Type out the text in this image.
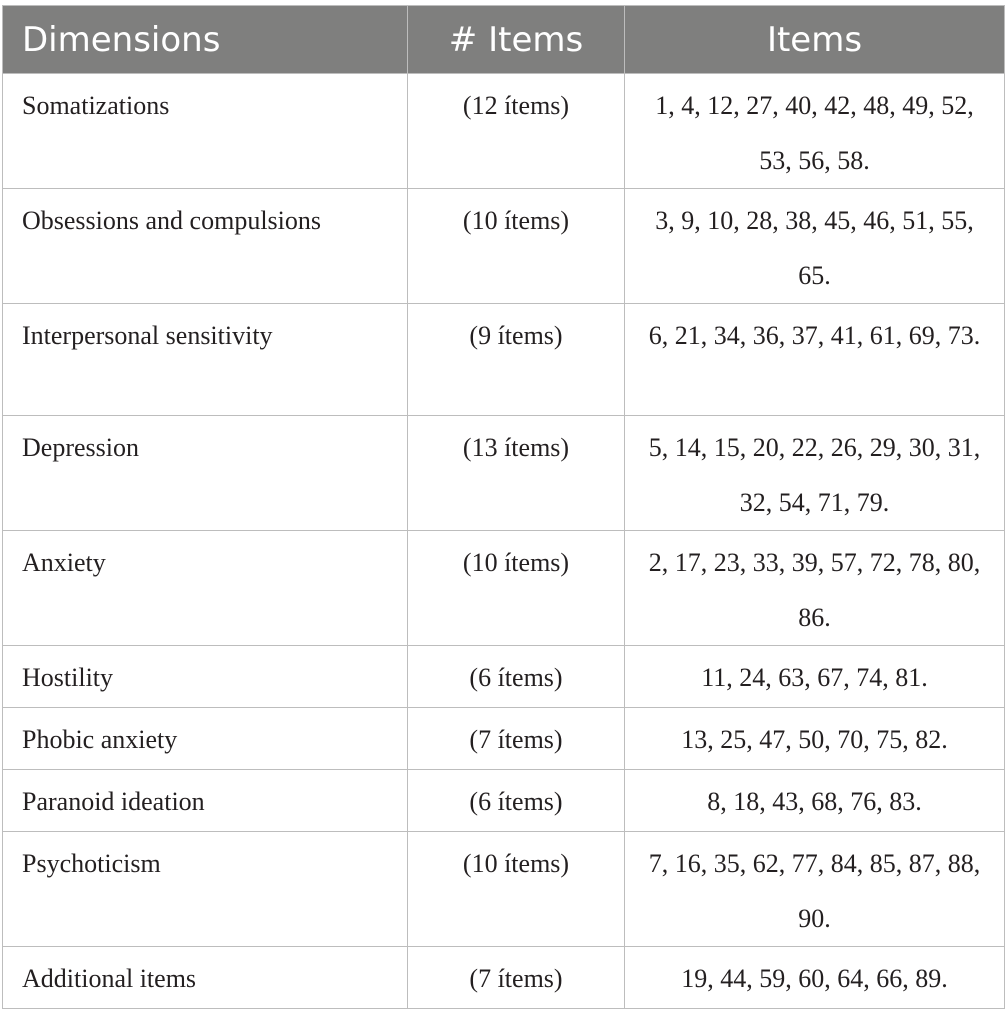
Dimensions	# Items	Items
Somatizations	(12 ítems)	1, 4, 12, 27, 40, 42, 48, 49, 52, 53, 56, 58.
Obsessions and compulsions	(10 ítems)	3, 9, 10, 28, 38, 45, 46, 51, 55, 65.
Interpersonal sensitivity	(9 ítems)	6, 21, 34, 36, 37, 41, 61, 69, 73.
Depression	(13 ítems)	5, 14, 15, 20, 22, 26, 29, 30, 31, 32, 54, 71, 79.
Anxiety	(10 ítems)	2, 17, 23, 33, 39, 57, 72, 78, 80, 86.
Hostility	(6 ítems)	11, 24, 63, 67, 74, 81.
Phobic anxiety	(7 ítems)	13, 25, 47, 50, 70, 75, 82.
Paranoid ideation	(6 ítems)	8, 18, 43, 68, 76, 83.
Psychoticism	(10 ítems)	7, 16, 35, 62, 77, 84, 85, 87, 88, 90.
Additional items	(7 ítems)	19, 44, 59, 60, 64, 66, 89.
